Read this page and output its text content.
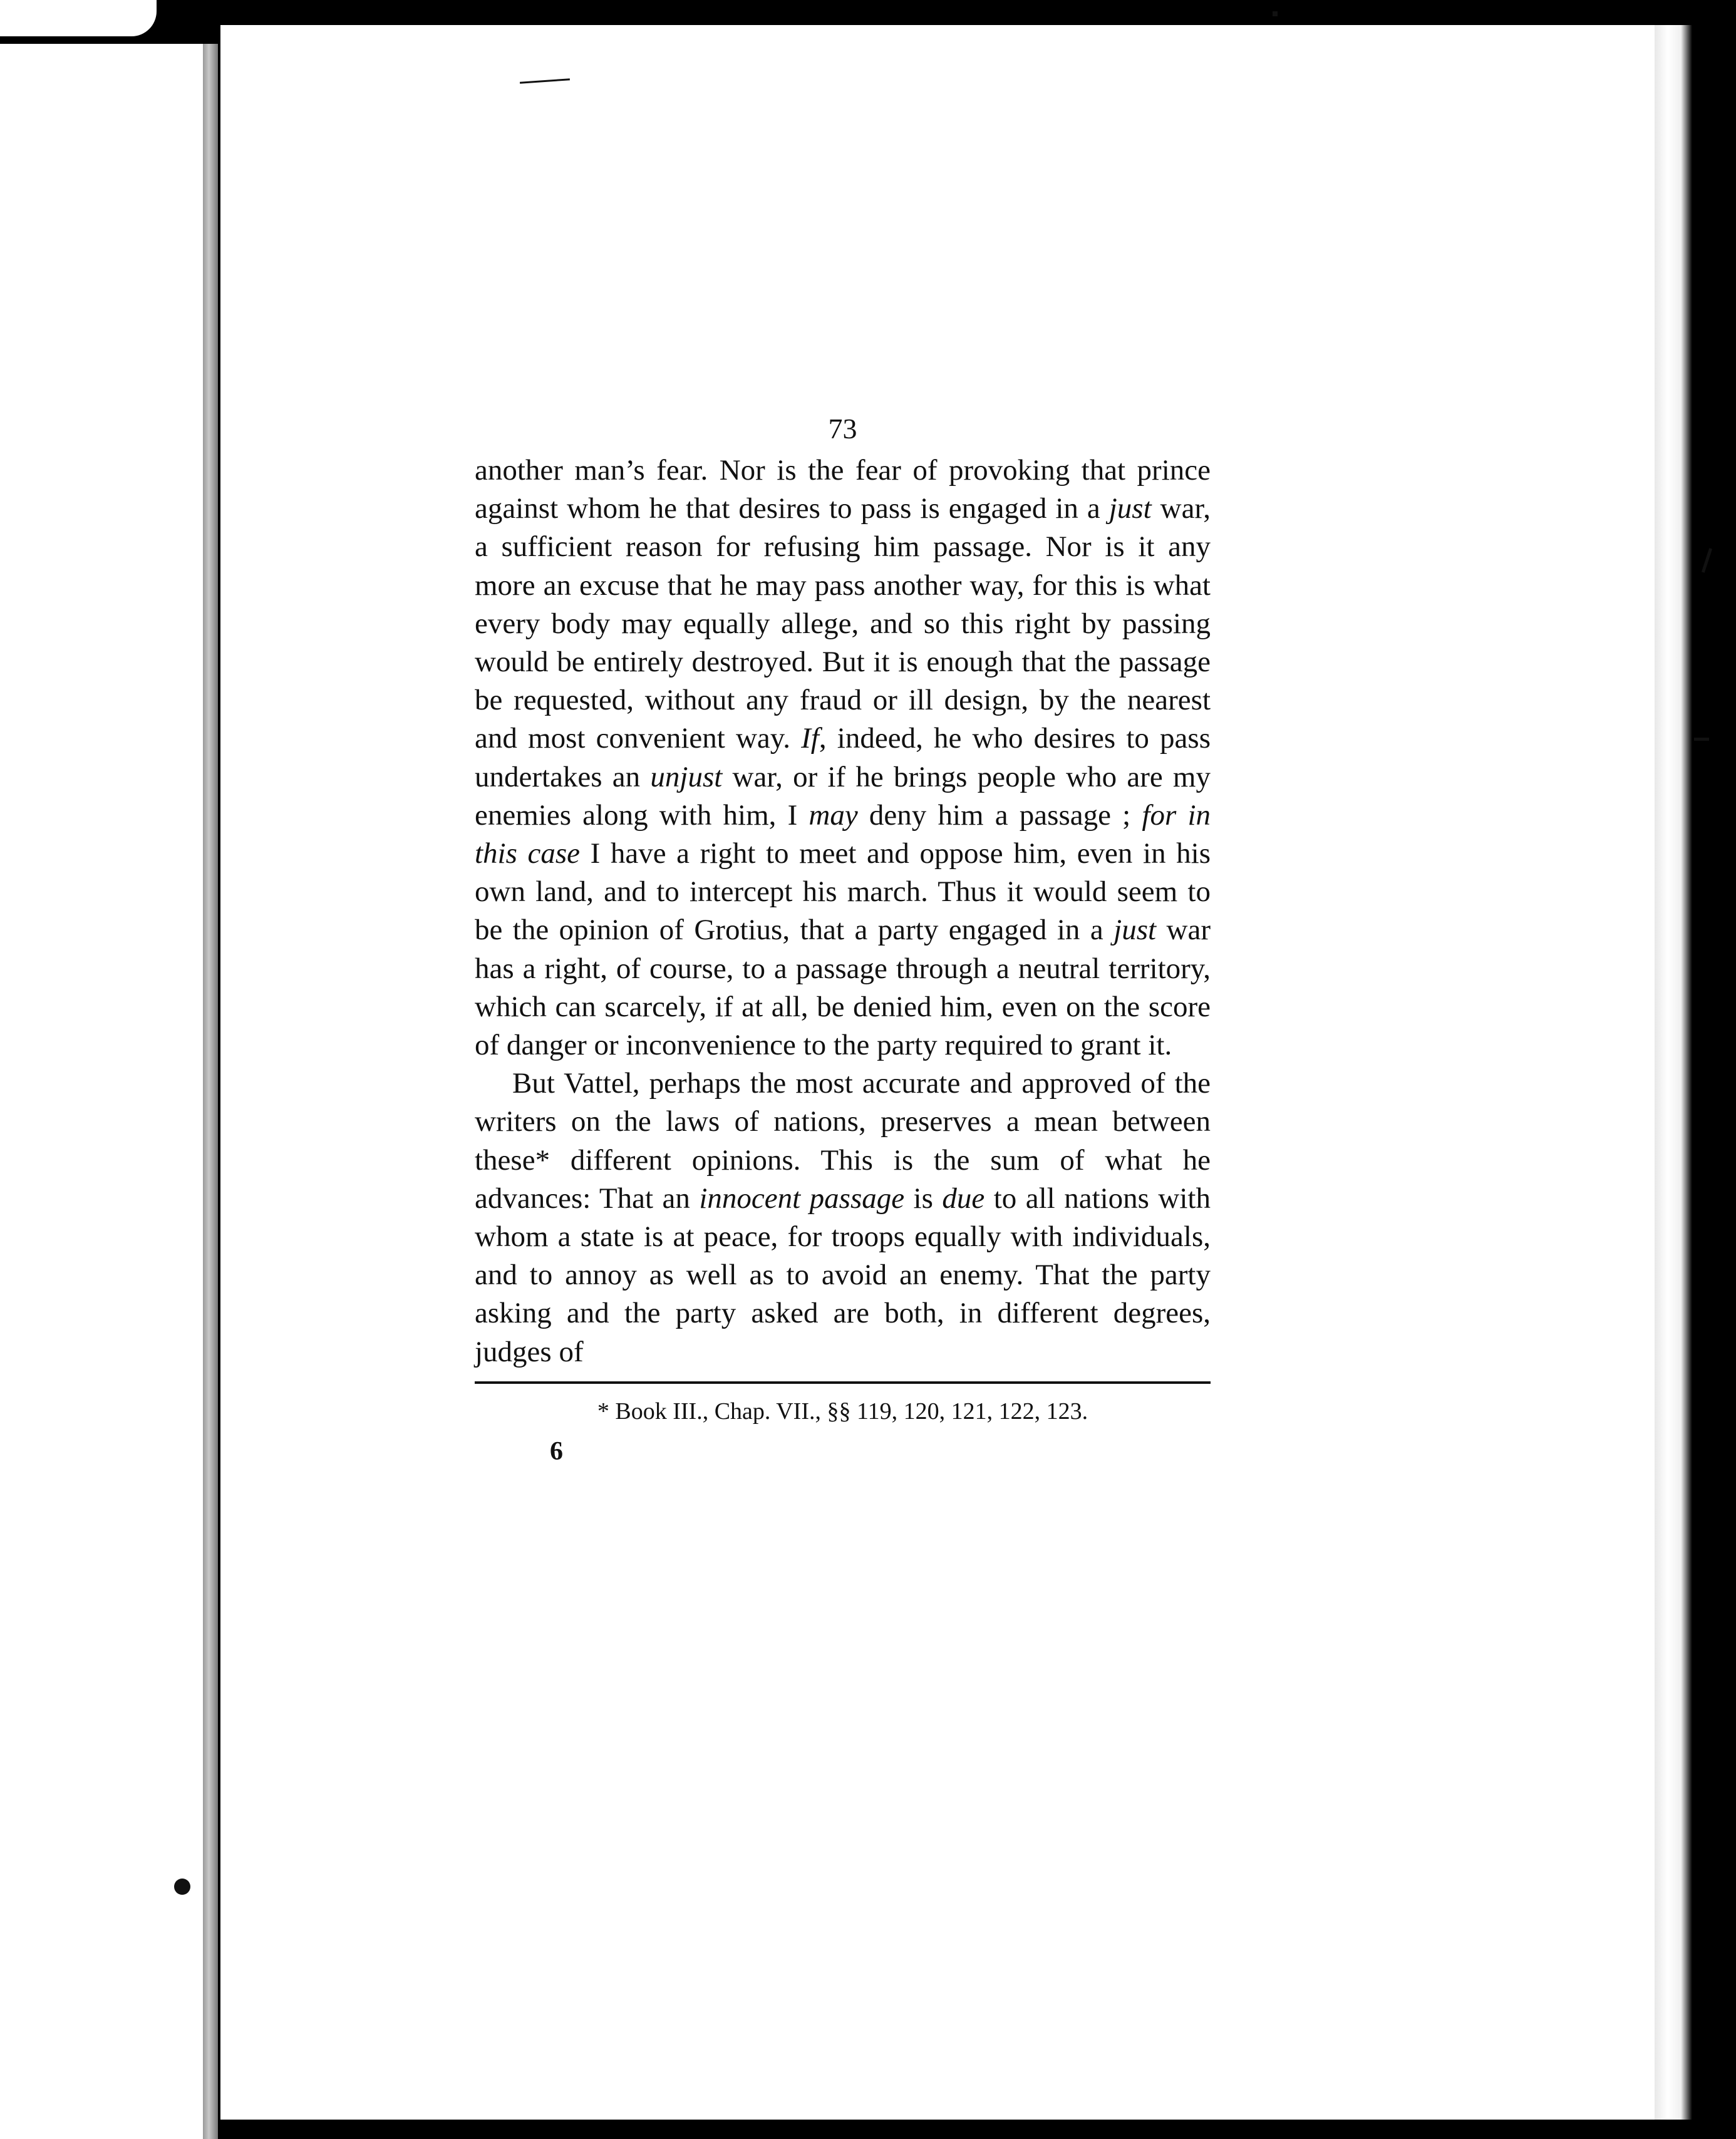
73

another man’s fear. Nor is the fear of provoking that prince against whom he that desires to pass is engaged in a just war, a sufficient reason for refusing him passage. Nor is it any more an excuse that he may pass another way, for this is what every body may equally allege, and so this right by passing would be entirely destroyed. But it is enough that the passage be requested, without any fraud or ill design, by the nearest and most convenient way. If, indeed, he who desires to pass undertakes an unjust war, or if he brings people who are my enemies along with him, I may deny him a passage ; for in this case I have a right to meet and oppose him, even in his own land, and to intercept his march. Thus it would seem to be the opinion of Grotius, that a party engaged in a just war has a right, of course, to a passage through a neutral territory, which can scarcely, if at all, be denied him, even on the score of danger or inconvenience to the party required to grant it.

But Vattel, perhaps the most accurate and approved of the writers on the laws of nations, preserves a mean between these* different opinions. This is the sum of what he advances: That an innocent passage is due to all nations with whom a state is at peace, for troops equally with individuals, and to annoy as well as to avoid an enemy. That the party asking and the party asked are both, in different degrees, judges of

* Book III., Chap. VII., §§ 119, 120, 121, 122, 123.

6
